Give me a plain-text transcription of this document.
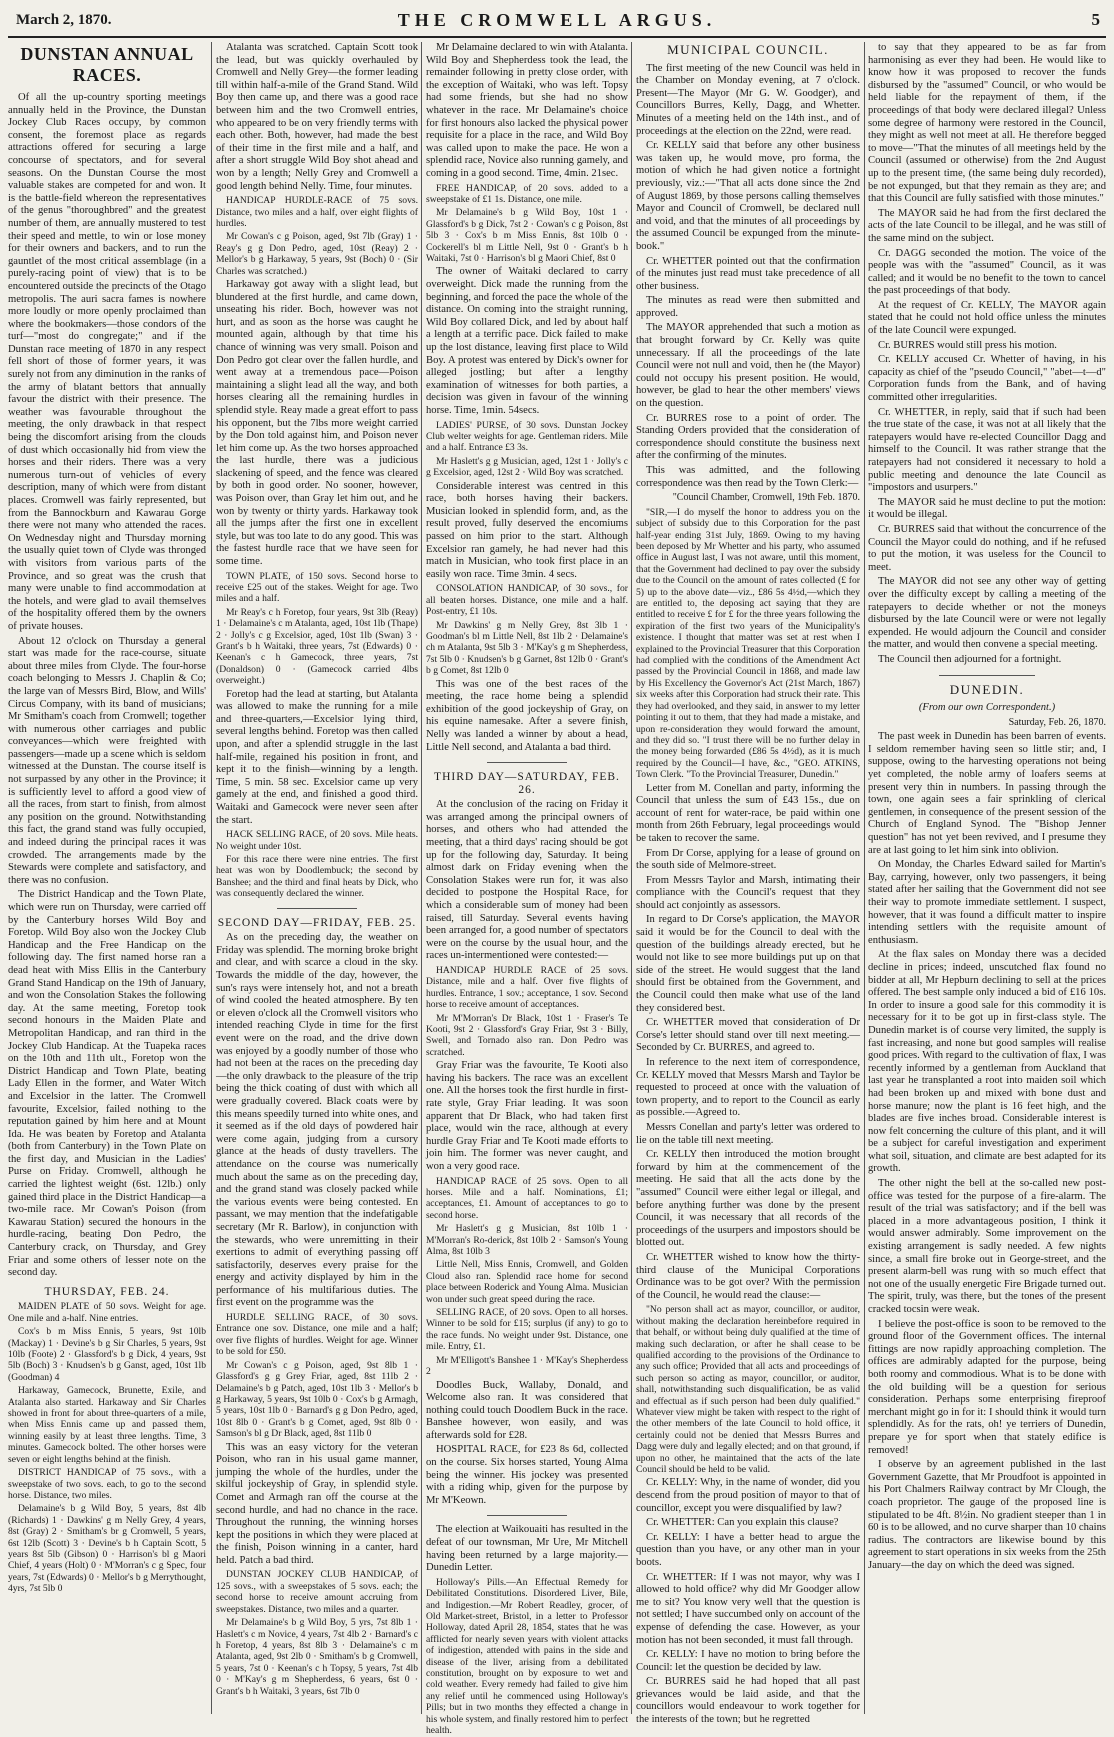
March 2, 1870.	THE CROMWELL ARGUS.	5
DUNSTAN ANNUAL RACES.

Of all the up-country sporting meetings annually held in the Province, the Dunstan Jockey Club Races occupy, by common consent, the foremost place as regards attractions offered for securing a large concourse of spectators, and for several seasons. On the Dunstan Course the most valuable stakes are competed for and won. It is the battle-field whereon the representatives of the genus "thoroughbred" and the greatest number of them, are annually mustered to test their speed and mettle, to win or lose money for their owners and backers, and to run the gauntlet of the most critical assemblage (in a purely-racing point of view) that is to be encountered outside the precincts of the Otago metropolis. The auri sacra fames is nowhere more loudly or more openly proclaimed than where the bookmakers—those condors of the turf—"most do congregate;" and if the Dunstan race meeting of 1870 in any respect fell short of those of former years, it was surely not from any diminution in the ranks of the army of blatant bettors that annually favour the district with their presence. The weather was favourable throughout the meeting, the only drawback in that respect being the discomfort arising from the clouds of dust which occasionally hid from view the horses and their riders. There was a very numerous turn-out of vehicles of every description, many of which were from distant places. Cromwell was fairly represented, but from the Bannockburn and Kawarau Gorge there were not many who attended the races. On Wednesday night and Thursday morning the usually quiet town of Clyde was thronged with visitors from various parts of the Province, and so great was the crush that many were unable to find accommodation at the hotels, and were glad to avail themselves of the hospitality offered them by the owners of private houses.

About 12 o'clock on Thursday a general start was made for the race-course, situate about three miles from Clyde. The four-horse coach belonging to Messrs J. Chaplin & Co; the large van of Messrs Bird, Blow, and Wills' Circus Company, with its band of musicians; Mr Smitham's coach from Cromwell; together with numerous other carriages and public conveyances—which were freighted with passengers—made up a scene which is seldom witnessed at the Dunstan. The course itself is not surpassed by any other in the Province; it is sufficiently level to afford a good view of all the races, from start to finish, from almost any position on the ground. Notwithstanding this fact, the grand stand was fully occupied, and indeed during the principal races it was crowded. The arrangements made by the Stewards were complete and satisfactory, and there was no confusion.

The District Handicap and the Town Plate, which were run on Thursday, were carried off by the Canterbury horses Wild Boy and Foretop. Wild Boy also won the Jockey Club Handicap and the Free Handicap on the following day. The first named horse ran a dead heat with Miss Ellis in the Canterbury Grand Stand Handicap on the 19th of January, and won the Consolation Stakes the following day. At the same meeting, Foretop took second honours in the Maiden Plate and Metropolitan Handicap, and ran third in the Jockey Club Handicap. At the Tuapeka races on the 10th and 11th ult., Foretop won the District Handicap and Town Plate, beating Lady Ellen in the former, and Water Witch and Excelsior in the latter. The Cromwell favourite, Excelsior, failed nothing to the reputation gained by him here and at Mount Ida. He was beaten by Foretop and Atalanta (both from Canterbury) in the Town Plate on the first day, and Musician in the Ladies' Purse on Friday. Cromwell, although he carried the lightest weight (6st. 12lb.) only gained third place in the District Handicap—a two-mile race. Mr Cowan's Poison (from Kawarau Station) secured the honours in the hurdle-racing, beating Don Pedro, the Canterbury crack, on Thursday, and Grey Friar and some others of lesser note on the second day.

THURSDAY, FEB. 24.

MAIDEN PLATE of 50 sovs. Weight for age. One mile and a-half. Nine entries.

Cox's b m Miss Ennis, 5 years, 9st 10lb (Mackay) 1 · Devine's b g Sir Charles, 5 years, 9st 10lb (Foote) 2 · Glassford's b g Dick, 4 years, 9st 5lb (Boch) 3 · Knudsen's b g Ganst, aged, 10st 1lb (Goodman) 4

Harkaway, Gamecock, Brunette, Exile, and Atalanta also started. Harkaway and Sir Charles showed in front for about three-quarters of a mile, when Miss Ennis came up and passed them, winning easily by at least three lengths. Time, 3 minutes. Gamecock bolted. The other horses were seven or eight lengths behind at the finish.

DISTRICT HANDICAP of 75 sovs., with a sweepstake of two sovs. each, to go to the second horse. Distance, two miles.

Delamaine's b g Wild Boy, 5 years, 8st 4lb (Richards) 1 · Dawkins' g m Nelly Grey, 4 years, 8st (Gray) 2 · Smitham's br g Cromwell, 5 years, 6st 12lb (Scott) 3 · Devine's b h Captain Scott, 5 years 8st 5lb (Gibson) 0 · Harrison's bl g Maori Chief, 4 years (Holt) 0 · M'Morran's c g Spec, four years, 7st (Edwards) 0 · Mellor's b g Merrythought, 4yrs, 7st 5lb 0

Atalanta was scratched. Captain Scott took the lead, but was quickly overhauled by Cromwell and Nelly Grey—the former leading till within half-a-mile of the Grand Stand. Wild Boy then came up, and there was a good race between him and the two Cromwell entries, who appeared to be on very friendly terms with each other. Both, however, had made the best of their time in the first mile and a half, and after a short struggle Wild Boy shot ahead and won by a length; Nelly Grey and Cromwell a good length behind Nelly. Time, four minutes.

HANDICAP HURDLE-RACE of 75 sovs. Distance, two miles and a half, over eight flights of hurdles.

Mr Cowan's c g Poison, aged, 9st 7lb (Gray) 1 · Reay's g g Don Pedro, aged, 10st (Reay) 2 · Mellor's b g Harkaway, 5 years, 9st (Boch) 0 · (Sir Charles was scratched.)

Harkaway got away with a slight lead, but blundered at the first hurdle, and came down, unseating his rider. Boch, however was not hurt, and as soon as the horse was caught he mounted again, although by that time his chance of winning was very small. Poison and Don Pedro got clear over the fallen hurdle, and went away at a tremendous pace—Poison maintaining a slight lead all the way, and both horses clearing all the remaining hurdles in splendid style. Reay made a great effort to pass his opponent, but the 7lbs more weight carried by the Don told against him, and Poison never let him come up. As the two horses approached the last hurdle, there was a judicious slackening of speed, and the fence was cleared by both in good order. No sooner, however, was Poison over, than Gray let him out, and he won by twenty or thirty yards. Harkaway took all the jumps after the first one in excellent style, but was too late to do any good. This was the fastest hurdle race that we have seen for some time.

TOWN PLATE, of 150 sovs. Second horse to receive £25 out of the stakes. Weight for age. Two miles and a half.

Mr Reay's c h Foretop, four years, 9st 3lb (Reay) 1 · Delamaine's c m Atalanta, aged, 10st 1lb (Thape) 2 · Jolly's c g Excelsior, aged, 10st 1lb (Swan) 3 · Grant's b h Waitaki, three years, 7st (Edwards) 0 · Keenan's c h Gamecock, three years, 7st (Donaldson) 0 · (Gamecock carried 4lbs overweight.)

Foretop had the lead at starting, but Atalanta was allowed to make the running for a mile and three-quarters,—Excelsior lying third, several lengths behind. Foretop was then called upon, and after a splendid struggle in the last half-mile, regained his position in front, and kept it to the finish—winning by a length. Time, 5 min. 58 sec. Excelsior came up very gamely at the end, and finished a good third. Waitaki and Gamecock were never seen after the start.

HACK SELLING RACE, of 20 sovs. Mile heats. No weight under 10st.

For this race there were nine entries. The first heat was won by Doodlembuck; the second by Banshee; and the third and final heats by Dick, who was consequently declared the winner.

SECOND DAY—FRIDAY, FEB. 25.

As on the preceding day, the weather on Friday was splendid. The morning broke bright and clear, and with scarce a cloud in the sky. Towards the middle of the day, however, the sun's rays were intensely hot, and not a breath of wind cooled the heated atmosphere. By ten or eleven o'clock all the Cromwell visitors who intended reaching Clyde in time for the first event were on the road, and the drive down was enjoyed by a goodly number of those who had not been at the races on the preceding day—the only drawback to the pleasure of the trip being the thick coating of dust with which all were gradually covered. Black coats were by this means speedily turned into white ones, and it seemed as if the old days of powdered hair were come again, judging from a cursory glance at the heads of dusty travellers. The attendance on the course was numerically much about the same as on the preceding day, and the grand stand was closely packed while the various events were being contested. En passant, we may mention that the indefatigable secretary (Mr R. Barlow), in conjunction with the stewards, who were unremitting in their exertions to admit of everything passing off satisfactorily, deserves every praise for the energy and activity displayed by him in the performance of his multifarious duties. The first event on the programme was the

HURDLE SELLING RACE, of 30 sovs. Entrance one sov. Distance, one mile and a half; over five flights of hurdles. Weight for age. Winner to be sold for £50.

Mr Cowan's c g Poison, aged, 9st 8lb 1 · Glassford's g g Grey Friar, aged, 8st 11lb 2 · Delamaine's b g Patch, aged, 10st 1lb 3 · Mellor's b g Harkaway, 5 years, 9st 10lb 0 · Cox's b g Armagh, 5 years, 10st 1lb 0 · Barnard's g g Don Pedro, aged, 10st 8lb 0 · Grant's b g Comet, aged, 9st 8lb 0 · Samson's bl g Dr Black, aged, 8st 11lb 0

This was an easy victory for the veteran Poison, who ran in his usual game manner, jumping the whole of the hurdles, under the skilful jockeyship of Gray, in splendid style. Comet and Armagh ran off the course at the second hurdle, and had no chance in the race. Throughout the running, the winning horses kept the positions in which they were placed at the finish, Poison winning in a canter, hard held. Patch a bad third.

DUNSTAN JOCKEY CLUB HANDICAP, of 125 sovs., with a sweepstakes of 5 sovs. each; the second horse to receive amount accruing from sweepstakes. Distance, two miles and a quarter.

Mr Delamaine's b g Wild Boy, 5 yrs, 7st 8lb 1 · Haslett's c m Novice, 4 years, 7st 4lb 2 · Barnard's c h Foretop, 4 years, 8st 8lb 3 · Delamaine's c m Atalanta, aged, 9st 2lb 0 · Smitham's b g Cromwell, 5 years, 7st 0 · Keenan's c h Topsy, 5 years, 7st 4lb 0 · M'Kay's g m Shepherdess, 6 years, 6st 0 · Grant's b h Waitaki, 3 years, 6st 7lb 0

Mr Delamaine declared to win with Atalanta. Wild Boy and Shepherdess took the lead, the remainder following in pretty close order, with the exception of Waitaki, who was left. Topsy had some friends, but she had no show whatever in the race. Mr Delamaine's choice for first honours also lacked the physical power requisite for a place in the race, and Wild Boy was called upon to make the pace. He won a splendid race, Novice also running gamely, and coming in a good second. Time, 4min. 21sec.

FREE HANDICAP, of 20 sovs. added to a sweepstake of £1 1s. Distance, one mile.

Mr Delamaine's b g Wild Boy, 10st 1 · Glassford's b g Dick, 7st 2 · Cowan's c g Poison, 8st 5lb 3 · Cox's b m Miss Ennis, 8st 10lb 0 · Cockerell's bl m Little Nell, 9st 0 · Grant's b h Waitaki, 7st 0 · Harrison's bl g Maori Chief, 8st 0

The owner of Waitaki declared to carry overweight. Dick made the running from the beginning, and forced the pace the whole of the distance. On coming into the straight running, Wild Boy collared Dick, and led by about half a length at a terrific pace. Dick failed to make up the lost distance, leaving first place to Wild Boy. A protest was entered by Dick's owner for alleged jostling; but after a lengthy examination of witnesses for both parties, a decision was given in favour of the winning horse. Time, 1min. 54secs.

LADIES' PURSE, of 30 sovs. Dunstan Jockey Club welter weights for age. Gentleman riders. Mile and a half. Entrance £3 3s.

Mr Haslett's g g Musician, aged, 12st 1 · Jolly's c g Excelsior, aged, 12st 2 · Wild Boy was scratched.

Considerable interest was centred in this race, both horses having their backers. Musician looked in splendid form, and, as the result proved, fully deserved the encomiums passed on him prior to the start. Although Excelsior ran gamely, he had never had this match in Musician, who took first place in an easily won race. Time 3min. 4 secs.

CONSOLATION HANDICAP, of 30 sovs., for all beaten horses. Distance, one mile and a half. Post-entry, £1 10s.

Mr Dawkins' g m Nelly Grey, 8st 3lb 1 · Goodman's bl m Little Nell, 8st 1lb 2 · Delamaine's ch m Atalanta, 9st 5lb 3 · M'Kay's g m Shepherdess, 7st 5lb 0 · Knudsen's b g Garnet, 8st 12lb 0 · Grant's b g Comet, 8st 12lb 0

This was one of the best races of the meeting, the race home being a splendid exhibition of the good jockeyship of Gray, on his equine namesake. After a severe finish, Nelly was landed a winner by about a head, Little Nell second, and Atalanta a bad third.

THIRD DAY—SATURDAY, FEB. 26.

At the conclusion of the racing on Friday it was arranged among the principal owners of horses, and others who had attended the meeting, that a third days' racing should be got up for the following day, Saturday. It being almost dark on Friday evening when the Consolation Stakes were run for, it was also decided to postpone the Hospital Race, for which a considerable sum of money had been raised, till Saturday. Several events having been arranged for, a good number of spectators were on the course by the usual hour, and the races un-intermentioned were contested:—

HANDICAP HURDLE RACE of 25 sovs. Distance, mile and a half. Over five flights of hurdles. Entrance, 1 sov.; acceptance, 1 sov. Second horse to receive amount of acceptances.

Mr M'Morran's Dr Black, 10st 1 · Fraser's Te Kooti, 9st 2 · Glassford's Gray Friar, 9st 3 · Billy, Swell, and Tornado also ran. Don Pedro was scratched.

Gray Friar was the favourite, Te Kooti also having his backers. The race was an excellent one. All the horses took the first hurdle in first-rate style, Gray Friar leading. It was soon apparent that Dr Black, who had taken first place, would win the race, although at every hurdle Gray Friar and Te Kooti made efforts to join him. The former was never caught, and won a very good race.

HANDICAP RACE of 25 sovs. Open to all horses. Mile and a half. Nominations, £1; acceptances, £1. Amount of acceptances to go to second horse.

Mr Haslett's g g Musician, 8st 10lb 1 · M'Morran's Ro-derick, 8st 10lb 2 · Samson's Young Alma, 8st 10lb 3

Little Nell, Miss Ennis, Cromwell, and Golden Cloud also ran. Splendid race home for second place between Roderick and Young Alma. Musician won under such great speed during the race.

SELLING RACE, of 20 sovs. Open to all horses. Winner to be sold for £15; surplus (if any) to go to the race funds. No weight under 9st. Distance, one mile. Entry, £1.

Mr M'Elligott's Banshee 1 · M'Kay's Shepherdess 2

Doodles Buck, Wallaby, Donald, and Welcome also ran. It was considered that nothing could touch Doodlem Buck in the race. Banshee however, won easily, and was afterwards sold for £28.

HOSPITAL RACE, for £23 8s 6d, collected on the course. Six horses started, Young Alma being the winner. His jockey was presented with a riding whip, given for the purpose by Mr M'Keown.

The election at Waikouaiti has resulted in the defeat of our townsman, Mr Ure, Mr Mitchell having been returned by a large majority.—Dunedin Letter.

Holloway's Pills.—An Effectual Remedy for Debilitated Constitutions. Disordered Liver, Bile, and Indigestion.—Mr Robert Readley, grocer, of Old Market-street, Bristol, in a letter to Professor Holloway, dated April 28, 1854, states that he was afflicted for nearly seven years with violent attacks of indigestion, attended with pains in the side and disease of the liver, arising from a debilitated constitution, brought on by exposure to wet and cold weather. Every remedy had failed to give him any relief until he commenced using Holloway's Pills; but in two months they effected a change in his whole system, and finally restored him to perfect health.

MUNICIPAL COUNCIL.

The first meeting of the new Council was held in the Chamber on Monday evening, at 7 o'clock. Present—The Mayor (Mr G. W. Goodger), and Councillors Burres, Kelly, Dagg, and Whetter. Minutes of a meeting held on the 14th inst., and of proceedings at the election on the 22nd, were read.

Cr. KELLY said that before any other business was taken up, he would move, pro forma, the motion of which he had given notice a fortnight previously, viz.:—"That all acts done since the 2nd of August 1869, by those persons calling themselves Mayor and Council of Cromwell, be declared null and void, and that the minutes of all proceedings by the assumed Council be expunged from the minute-book."

Cr. WHETTER pointed out that the confirmation of the minutes just read must take precedence of all other business.

The minutes as read were then submitted and approved.

The MAYOR apprehended that such a motion as that brought forward by Cr. Kelly was quite unnecessary. If all the proceedings of the late Council were not null and void, then he (the Mayor) could not occupy his present position. He would, however, be glad to hear the other members' views on the question.

Cr. BURRES rose to a point of order. The Standing Orders provided that the consideration of correspondence should constitute the business next after the confirming of the minutes.

This was admitted, and the following correspondence was then read by the Town Clerk:—

"Council Chamber, Cromwell, 19th Feb. 1870.

"SIR,—I do myself the honor to address you on the subject of subsidy due to this Corporation for the past half-year ending 31st July, 1869. Owing to my having been deposed by Mr Whetter and his party, who assumed office in August last, I was not aware, until this moment, that the Government had declined to pay over the subsidy due to the Council on the amount of rates collected (£ for 5) up to the above date—viz., £86 5s 4½d,—which they are entitled to, the deposing act saying that they are entitled to receive £ for £ for the three years following the expiration of the first two years of the Municipality's existence. I thought that matter was set at rest when I explained to the Provincial Treasurer that this Corporation had complied with the conditions of the Amendment Act passed by the Provincial Council in 1868, and made law by His Excellency the Governor's Act (21st March, 1867) six weeks after this Corporation had struck their rate. This they had overlooked, and they said, in answer to my letter pointing it out to them, that they had made a mistake, and upon re-consideration they would forward the amount, and they did so. "I trust there will be no further delay in the money being forwarded (£86 5s 4½d), as it is much required by the Council—I have, &c., "GEO. ATKINS, Town Clerk. "To the Provincial Treasurer, Dunedin."

Letter from M. Conellan and party, informing the Council that unless the sum of £43 15s., due on account of rent for water-race, be paid within one month from 26th February, legal proceedings would be taken to recover the same.

From Dr Corse, applying for a lease of ground on the south side of Melmore-street.

From Messrs Taylor and Marsh, intimating their compliance with the Council's request that they should act conjointly as assessors.

In regard to Dr Corse's application, the MAYOR said it would be for the Council to deal with the question of the buildings already erected, but he would not like to see more buildings put up on that side of the street. He would suggest that the land should first be obtained from the Government, and the Council could then make what use of the land they considered best.

Cr. WHETTER moved that consideration of Dr Corse's letter should stand over till next meeting.—Seconded by Cr. BURRES, and agreed to.

In reference to the next item of correspondence, Cr. KELLY moved that Messrs Marsh and Taylor be requested to proceed at once with the valuation of town property, and to report to the Council as early as possible.—Agreed to.

Messrs Conellan and party's letter was ordered to lie on the table till next meeting.

Cr. KELLY then introduced the motion brought forward by him at the commencement of the meeting. He said that all the acts done by the "assumed" Council were either legal or illegal, and before anything further was done by the present Council, it was necessary that all records of the proceedings of the usurpers and impostors should be blotted out.

Cr. WHETTER wished to know how the thirty-third clause of the Municipal Corporations Ordinance was to be got over? With the permission of the Council, he would read the clause:—

"No person shall act as mayor, councillor, or auditor, without making the declaration hereinbefore required in that behalf, or without being duly qualified at the time of making such declaration, or after he shall cease to be qualified according to the provisions of the Ordinance to any such office; Provided that all acts and proceedings of such person so acting as mayor, councillor, or auditor, shall, notwithstanding such disqualification, be as valid and effectual as if such person had been duly qualified." Whatever view might be taken with respect to the right of the other members of the late Council to hold office, it certainly could not be denied that Messrs Burres and Dagg were duly and legally elected; and on that ground, if upon no other, he maintained that the acts of the late Council should be held to be valid.

Cr. KELLY: Why, in the name of wonder, did you descend from the proud position of mayor to that of councillor, except you were disqualified by law?

Cr. WHETTER: Can you explain this clause?

Cr. KELLY: I have a better head to argue the question than you have, or any other man in your boots.

Cr. WHETTER: If I was not mayor, why was I allowed to hold office? why did Mr Goodger allow me to sit? You know very well that the question is not settled; I have succumbed only on account of the expense of defending the case. However, as your motion has not been seconded, it must fall through.

Cr. KELLY: I have no motion to bring before the Council: let the question be decided by law.

Cr. BURRES said he had hoped that all past grievances would be laid aside, and that the councillors would endeavour to work together for the interests of the town; but he regretted

to say that they appeared to be as far from harmonising as ever they had been. He would like to know how it was proposed to recover the funds disbursed by the "assumed" Council, or who would be held liable for the repayment of them, if the proceedings of that body were declared illegal? Unless some degree of harmony were restored in the Council, they might as well not meet at all. He therefore begged to move—"That the minutes of all meetings held by the Council (assumed or otherwise) from the 2nd August up to the present time, (the same being duly recorded), be not expunged, but that they remain as they are; and that this Council are fully satisfied with those minutes."

The MAYOR said he had from the first declared the acts of the late Council to be illegal, and he was still of the same mind on the subject.

Cr. DAGG seconded the motion. The voice of the people was with the "assumed" Council, as it was called; and it would be no benefit to the town to cancel the past proceedings of that body.

At the request of Cr. KELLY, The MAYOR again stated that he could not hold office unless the minutes of the late Council were expunged.

Cr. BURRES would still press his motion.

Cr. KELLY accused Cr. Whetter of having, in his capacity as chief of the "pseudo Council," "abet—t—d" Corporation funds from the Bank, and of having committed other irregularities.

Cr. WHETTER, in reply, said that if such had been the true state of the case, it was not at all likely that the ratepayers would have re-elected Councillor Dagg and himself to the Council. It was rather strange that the ratepayers had not considered it necessary to hold a public meeting and denounce the late Council as "impostors and usurpers."

The MAYOR said he must decline to put the motion: it would be illegal.

Cr. BURRES said that without the concurrence of the Council the Mayor could do nothing, and if he refused to put the motion, it was useless for the Council to meet.

The MAYOR did not see any other way of getting over the difficulty except by calling a meeting of the ratepayers to decide whether or not the moneys disbursed by the late Council were or were not legally expended. He would adjourn the Council and consider the matter, and would then convene a special meeting.

The Council then adjourned for a fortnight.

DUNEDIN.

(From our own Correspondent.)

Saturday, Feb. 26, 1870.

The past week in Dunedin has been barren of events. I seldom remember having seen so little stir; and, I suppose, owing to the harvesting operations not being yet completed, the noble army of loafers seems at present very thin in numbers. In passing through the town, one again sees a fair sprinkling of clerical gentlemen, in consequence of the present session of the Church of England Synod. The "Bishop Jenner question" has not yet been revived, and I presume they are at last going to let him sink into oblivion.

On Monday, the Charles Edward sailed for Martin's Bay, carrying, however, only two passengers, it being stated after her sailing that the Government did not see their way to promote immediate settlement. I suspect, however, that it was found a difficult matter to inspire intending settlers with the requisite amount of enthusiasm.

At the flax sales on Monday there was a decided decline in prices; indeed, unscutched flax found no bidder at all, Mr Hepburn declining to sell at the prices offered. The best sample only induced a bid of £16 10s. In order to insure a good sale for this commodity it is necessary for it to be got up in first-class style. The Dunedin market is of course very limited, the supply is fast increasing, and none but good samples will realise good prices. With regard to the cultivation of flax, I was recently informed by a gentleman from Auckland that last year he transplanted a root into maiden soil which had been broken up and mixed with bone dust and horse manure; now the plant is 16 feet high, and the blades are five inches broad. Considerable interest is now felt concerning the culture of this plant, and it will be a subject for careful investigation and experiment what soil, situation, and climate are best adapted for its growth.

The other night the bell at the so-called new post-office was tested for the purpose of a fire-alarm. The result of the trial was satisfactory; and if the bell was placed in a more advantageous position, I think it would answer admirably. Some improvement on the existing arrangement is sadly needed. A few nights since, a small fire broke out in George-street, and the present alarm-bell was rung with so much effect that not one of the usually energetic Fire Brigade turned out. The spirit, truly, was there, but the tones of the present cracked tocsin were weak.

I believe the post-office is soon to be removed to the ground floor of the Government offices. The internal fittings are now rapidly approaching completion. The offices are admirably adapted for the purpose, being both roomy and commodious. What is to be done with the old building will be a question for serious consideration. Perhaps some enterprising fireproof merchant might go in for it: I should think it would turn splendidly. As for the rats, oh! ye terriers of Dunedin, prepare ye for sport when that stately edifice is removed!

I observe by an agreement published in the last Government Gazette, that Mr Proudfoot is appointed in his Port Chalmers Railway contract by Mr Clough, the coach proprietor. The gauge of the proposed line is stipulated to be 4ft. 8½in. No gradient steeper than 1 in 60 is to be allowed, and no curve sharper than 10 chains radius. The contractors are likewise bound by this agreement to start operations in six weeks from the 25th January—the day on which the deed was signed.
